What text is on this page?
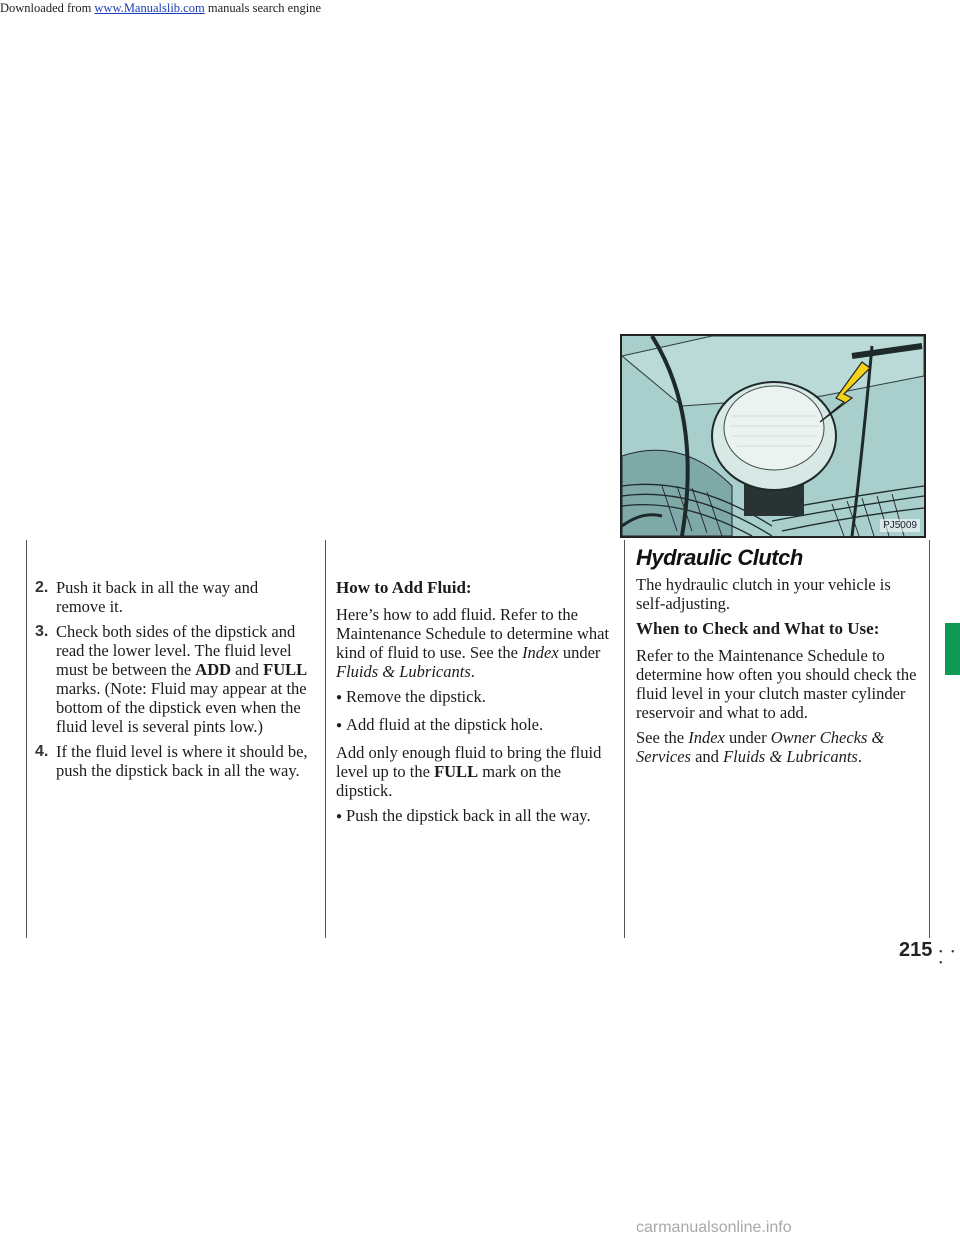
Downloaded from www.Manualslib.com manuals search engine
2. Push it back in all the way and remove it.
3. Check both sides of the dipstick and read the lower level. The fluid level must be between the ADD and FULL marks. (Note: Fluid may appear at the bottom of the dipstick even when the fluid level is several pints low.)
4. If the fluid level is where it should be, push the dipstick back in all the way.
How to Add Fluid:

Here’s how to add fluid. Refer to the Maintenance Schedule to determine what kind of fluid to use. See the Index under Fluids & Lubricants.

● Remove the dipstick.

● Add fluid at the dipstick hole.

Add only enough fluid to bring the fluid level up to the FULL mark on the dipstick.

● Push the dipstick back in all the way.

PJ5009
Hydraulic Clutch

The hydraulic clutch in your vehicle is self-adjusting.

When to Check and What to Use:

Refer to the Maintenance Schedule to determine how often you should check the fluid level in your clutch master cylinder reservoir and what to add.

See the Index under Owner Checks & Services and Fluids & Lubricants.

215 • • •
carmanualsonline.info
